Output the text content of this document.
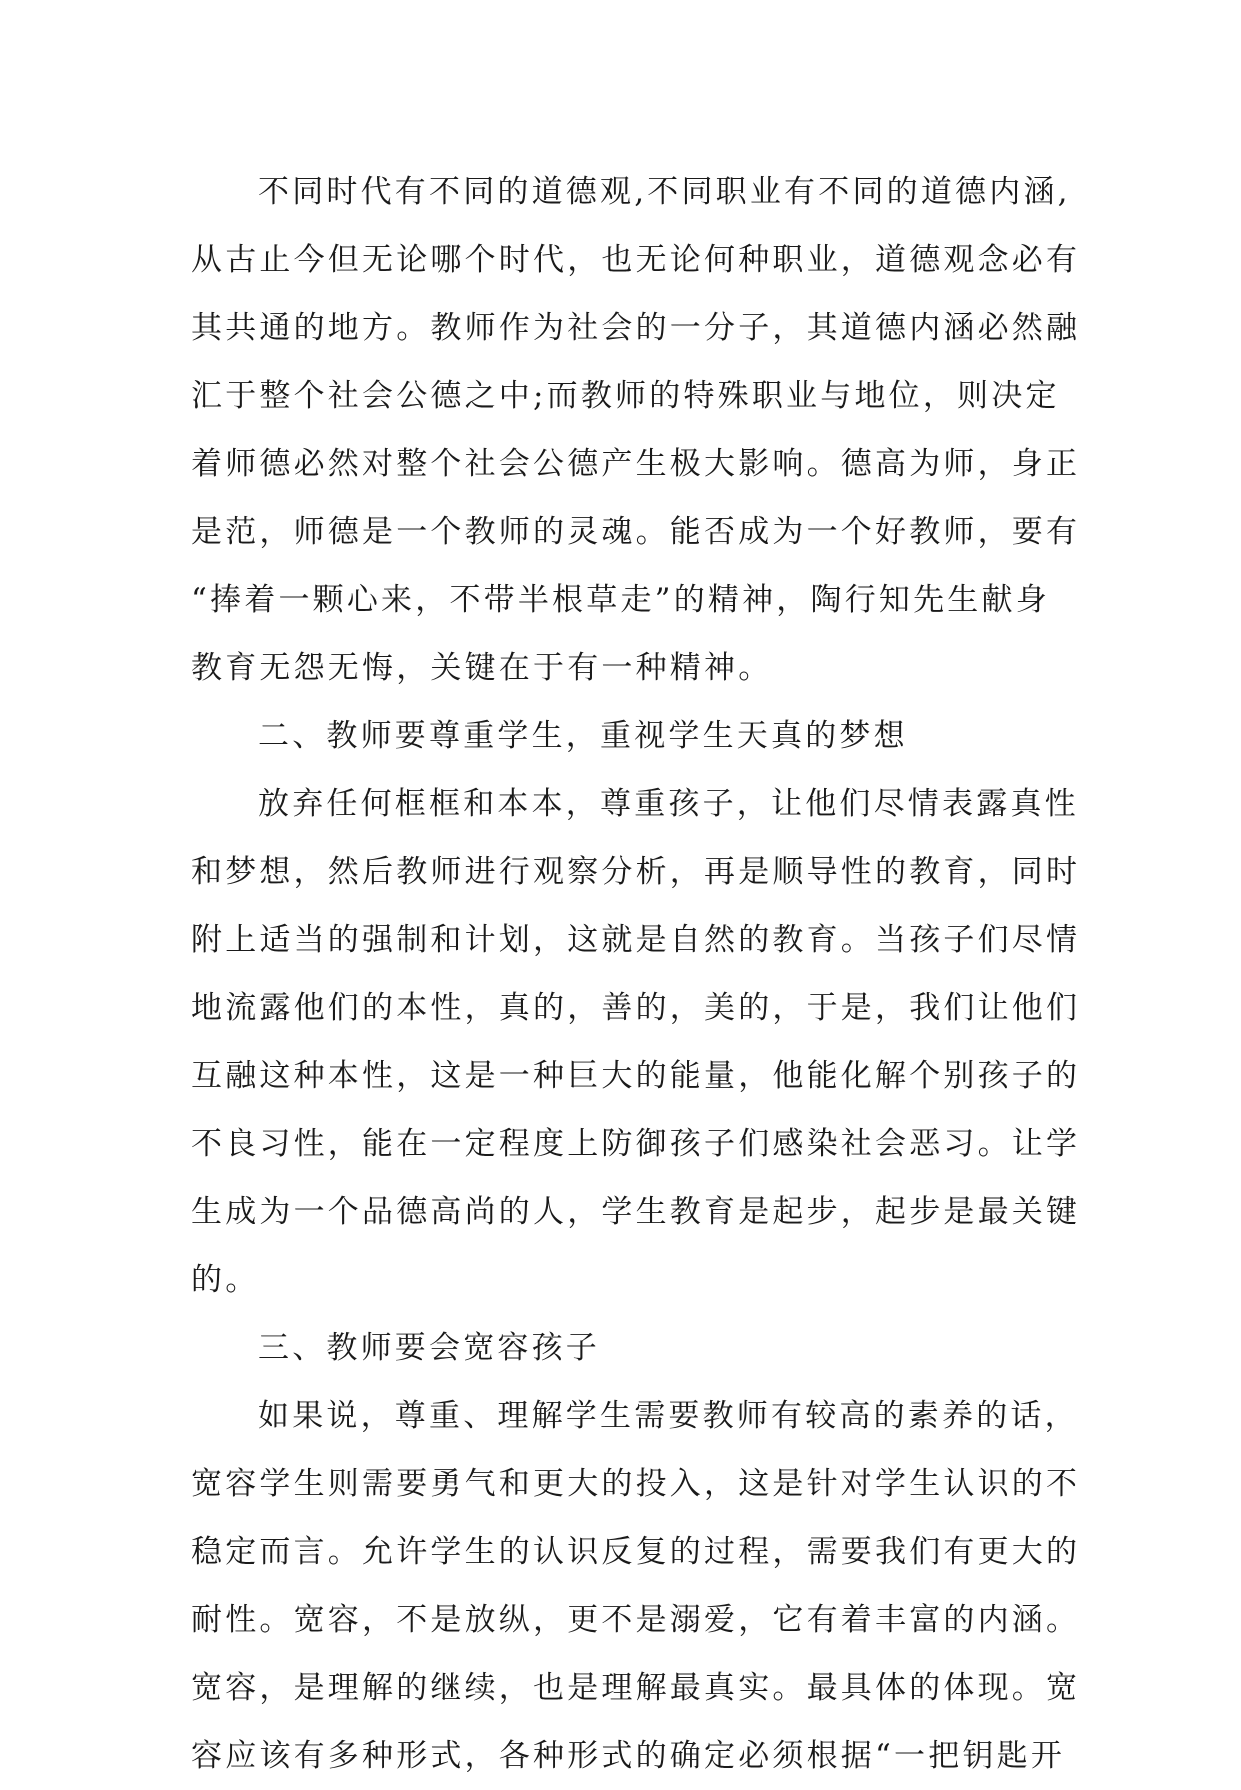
不同时代有不同的道德观,不同职业有不同的道德内涵,
从古止今但无论哪个时代，也无论何种职业，道德观念必有
其共通的地方。教师作为社会的一分子，其道德内涵必然融
汇于整个社会公德之中;而教师的特殊职业与地位，则决定
着师德必然对整个社会公德产生极大影响。德高为师，身正
是范，师德是一个教师的灵魂。能否成为一个好教师，要有
“捧着一颗心来，不带半根草走”的精神，陶行知先生献身
教育无怨无悔，关键在于有一种精神。
二、教师要尊重学生，重视学生天真的梦想
放弃任何框框和本本，尊重孩子，让他们尽情表露真性
和梦想，然后教师进行观察分析，再是顺导性的教育，同时
附上适当的强制和计划，这就是自然的教育。当孩子们尽情
地流露他们的本性，真的，善的，美的，于是，我们让他们
互融这种本性，这是一种巨大的能量，他能化解个别孩子的
不良习性，能在一定程度上防御孩子们感染社会恶习。让学
生成为一个品德高尚的人，学生教育是起步，起步是最关键
的。
三、教师要会宽容孩子
如果说，尊重、理解学生需要教师有较高的素养的话，
宽容学生则需要勇气和更大的投入，这是针对学生认识的不
稳定而言。允许学生的认识反复的过程，需要我们有更大的
耐性。宽容，不是放纵，更不是溺爱，它有着丰富的内涵。
宽容，是理解的继续，也是理解最真实。最具体的体现。宽
容应该有多种形式，各种形式的确定必须根据“一把钥匙开
